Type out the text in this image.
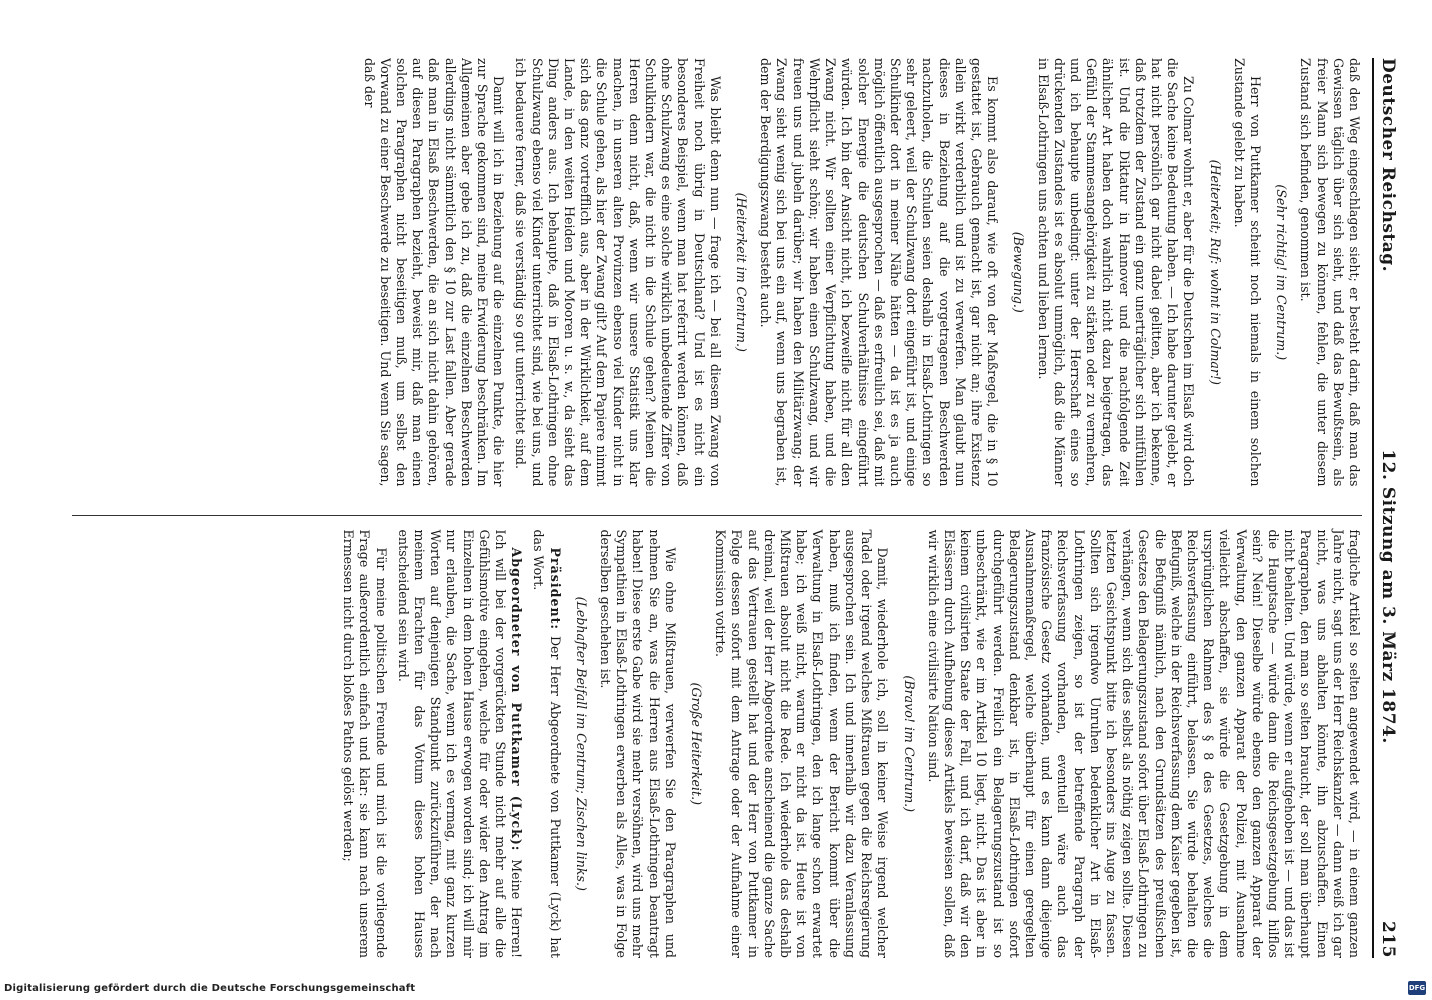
Deutscher Reichstag.
12. Sitzung am 3. März 1874.
215

daß den Weg eingeschlagen sieht; er besteht darin, daß man das Gewissen täglich über sich sieht, und daß das Bewußtsein, als freier Mann sich bewegen zu können, fehlen, die unter diesem Zustand sich befinden, genommen ist.

(Sehr richtig! im Centrum.)

Herr von Puttkamer scheint noch niemals in einem solchen Zustande gelebt zu haben.

(Heiterkeit; Ruf: wohnt in Colmar!)

Zu Colmar wohnt er, aber für die Deutschen im Elsaß wird doch die Sache keine Bedeutung haben. — Ich habe darunter gelebt, er hat nicht persönlich gar nicht dabei gelitten, aber ich bekenne, daß trotzdem der Zustand ein ganz unerträglicher sich mitfühlen ist. Und die Diktatur in Hannover und die nachfolgende Zeit ähnlicher Art haben doch wahrlich nicht dazu beigetragen, das Gefühl der Stammesangehörigkeit zu stärken oder zu vermehren, und ich behaupte unbedingt: unter der Herrschaft eines so drückenden Zustandes ist es absolut unmöglich, daß die Männer in Elsaß-Lothringen uns achten und lieben lernen.

(Bewegung.)

Es kommt also darauf, wie oft von der Maßregel, die in § 10 gestattet ist, Gebrauch gemacht ist, gar nicht an; ihre Existenz allein wirkt verderblich und ist zu verwerfen. Man glaubt nun dieses in Beziehung auf die vorgetragenen Beschwerden nachzuholen, die Schulen seien deshalb in Elsaß-Lothringen so sehr geleert, weil der Schulzwang dort eingeführt ist, und einige Schulkinder dort in meiner Nähe hätten — da ist es ja auch möglich öffentlich ausgesprochen — daß es erfreulich sei, daß mit solcher Energie die deutschen Schulverhältnisse eingeführt würden. Ich bin der Ansicht nicht, ich bezweifle nicht für all den Zwang nicht. Wir sollten einer Verpflichtung haben, und die Wehrpflicht sieht schön; wir haben einen Schulzwang, und wir freuen uns und jubeln darüber; wir haben den Militärzwang; der Zwang sieht wenig sich bei uns ein auf, wenn uns begraben ist, dem der Beerdigungszwang besteht auch.

(Heiterkeit im Centrum.)

Was bleibt denn nun — frage ich — bei all diesem Zwang von Freiheit noch übrig in Deutschland? Und ist es nicht ein besonderes Beispiel, wenn man hat referirt werden können, daß ohne Schulzwang es eine solche wirklich unbedeutende Ziffer von Schulkindern war, die nicht in die Schule gehen? Meinen die Herren denn nicht, daß, wenn wir unsere Statistik uns klar machen, in unseren alten Provinzen ebenso viel Kinder nicht in die Schule gehen, als hier der Zwang gilt? Auf dem Papiere nimmt sich das ganz vortrefflich aus, aber in der Wirklichkeit, auf dem Lande, in den weiten Heiden und Mooren u. s. w., da sieht das Ding anders aus. Ich behaupte, daß in Elsaß-Lothringen ohne Schulzwang ebenso viel Kinder unterrichtet sind, wie bei uns, und ich bedauere ferner, daß sie verständig so gut unterrichtet sind.

Damit will ich in Beziehung auf die einzelnen Punkte, die hier zur Sprache gekommen sind, meine Erwiderung beschränken. Im Allgemeinen aber gebe ich zu, daß die einzelnen Beschwerden allerdings nicht sämmtlich den § 10 zur Last fallen. Aber gerade daß man in Elsaß Beschwerden, die an sich nicht dahin gehören, auf diesen Paragraphen bezieht, beweist mir, daß man einen solchen Paragraphen nicht beseitigen muß, um selbst den Vorwand zu einer Beschwerde zu beseitigen. Und wenn Sie sagen, daß der

fragliche Artikel so selten angewendet wird, — in einem ganzen Jahre nicht, sagt uns der Herr Reichskanzler — dann weiß ich gar nicht, was uns abhalten könnte, ihn abzuschaffen. Einen Paragraphen, den man so selten braucht, der soll man überhaupt nicht behalten. Und würde, wenn er aufgehoben ist — und das ist die Hauptsache — würde dann die Reichsgesetzgebung hilflos sein? Nein! Dieselbe würde ebenso den ganzen Apparat der Verwaltung, den ganzen Apparat der Polizei, mit Ausnahme vielleicht abschaffen, sie würde die Gesetzgebung in dem ursprünglichen Rahmen des § 8 des Gesetzes, welches die Reichsverfassung einführt, belassen. Sie würde behalten die Befugniß, welche in der Reichsverfassung dem Kaiser gegeben ist, die Befugniß nämlich, nach den Grundsätzen des preußischen Gesetzes den Belagerungszustand sofort über Elsaß-Lothringen zu verhängen, wenn sich dies selbst als nöthig zeigen sollte. Diesen letzten Gesichtspunkt bitte ich besonders ins Auge zu fassen. Sollten sich irgendwo Unruhen bedenklicher Art in Elsaß-Lothringen zeigen, so ist der betreffende Paragraph der Reichsverfassung vorhanden, eventuell wäre auch das französische Gesetz vorhanden, und es kann dann diejenige Ausnahmemaßregel, welche überhaupt für einen geregelten Belagerungszustand denkbar ist, in Elsaß-Lothringen sofort durchgeführt werden. Freilich ein Belagerungszustand ist so unbeschränkt, wie er im Artikel 10 liegt, nicht. Das ist aber in keinem civilisirten Staate der Fall, und ich darf, daß wir den Elsässern durch Aufhebung dieses Artikels beweisen sollen, daß wir wirklich eine civilisirte Nation sind.

(Bravo! im Centrum.)

Damit, wiederhole ich, soll in keiner Weise irgend welcher Tadel oder irgend welches Mißtrauen gegen die Reichsregierung ausgesprochen sein. Ich und innerhalb wir dazu Veranlassung haben, muß ich finden, wenn der Bericht kommt über die Verwaltung in Elsaß-Lothringen, den ich lange schon erwartet habe; ich weiß nicht, warum er nicht da ist. Heute ist von Mißtrauen absolut nicht die Rede. Ich wiederhole das deshalb dreimal, weil der Herr Abgeordnete anscheinend die ganze Sache auf das Vertrauen gestellt hat und der Herr von Puttkamer in Folge dessen sofort mit dem Antrage oder der Aufnahme einer Kommission votirte.

(Große Heiterkeit.)

Wie ohne Mißtrauen, verwerfen Sie den Paragraphen und nehmen Sie an, was die Herren aus Elsaß-Lothringen beantragt haben! Diese erste Gabe wird sie mehr versöhnen, wird uns mehr Sympathien in Elsaß-Lothringen erwerben als Alles, was in Folge derselben geschehen ist.

(Lebhafter Beifall im Centrum; Zischen links.)

Präsident: Der Herr Abgeordnete von Puttkamer (Lyck) hat das Wort.

Abgeordneter von Puttkamer (Lyck): Meine Herren! Ich will bei der vorgerückten Stunde nicht mehr auf alle die Gefühlsmotive eingehen, welche für oder wider den Antrag im Einzelnen in dem hohen Hause erwogen worden sind; ich will mir nur erlauben, die Sache, wenn ich es vermag, mit ganz kurzen Worten auf denjenigen Standpunkt zurückzuführen, der nach meinem Erachten für das Votum dieses hohen Hauses entscheidend sein wird.

Für meine politischen Freunde und mich ist die vorliegende Frage außerordentlich einfach und klar: sie kann nach unserem Ermessen nicht durch bloßes Pathos gelöst werden;

Digitalisierung gefördert durch die Deutsche Forschungsgemeinschaft	DFG
